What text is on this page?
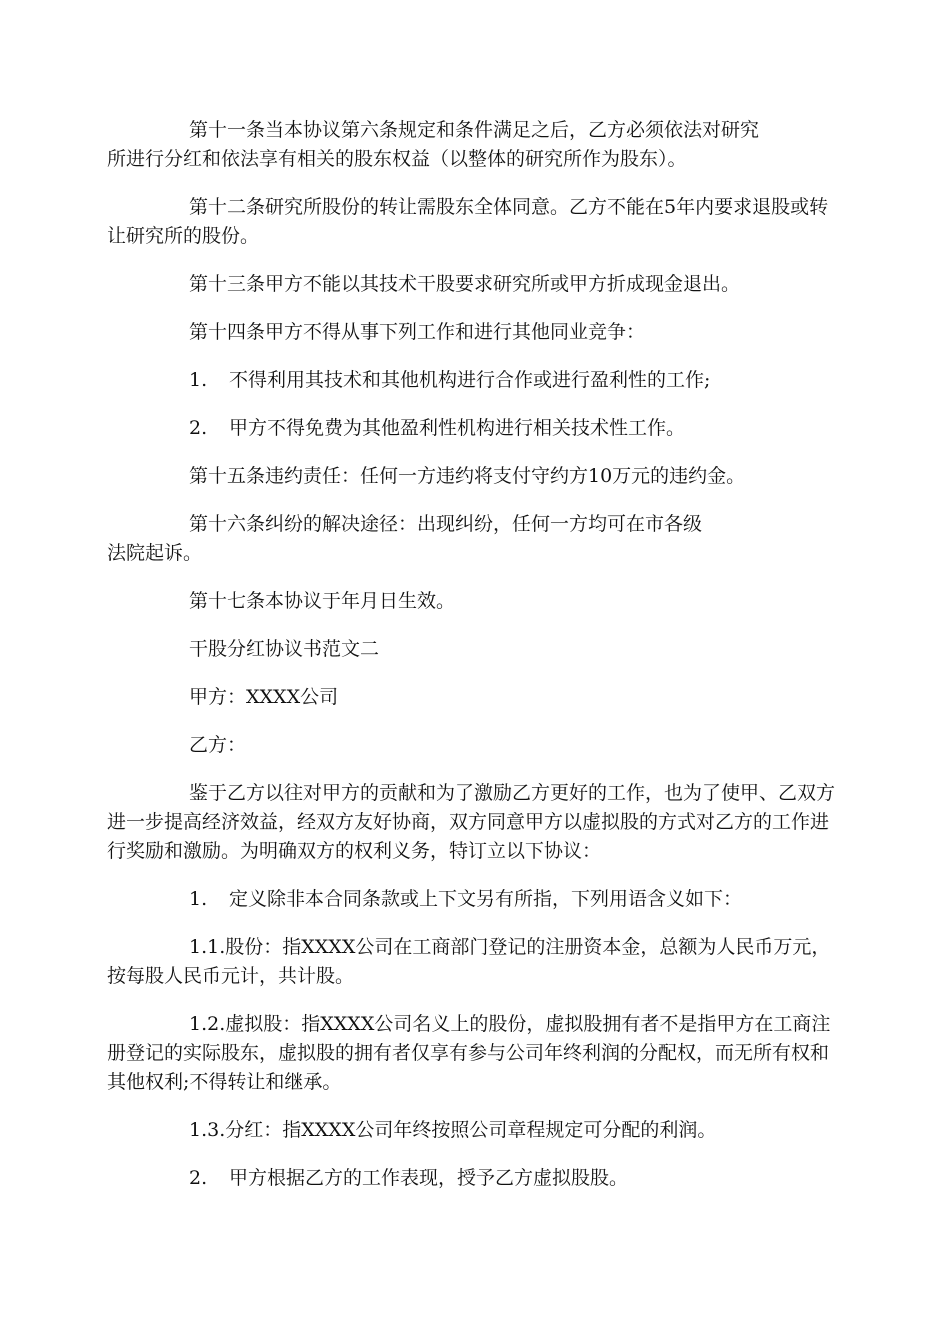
第十一条当本协议第六条规定和条件满足之后，乙方必须依法对研究所进行分红和依法享有相关的股东权益（以整体的研究所作为股东）。

第十二条研究所股份的转让需股东全体同意。乙方不能在5年内要求退股或转让研究所的股份。

第十三条甲方不能以其技术干股要求研究所或甲方折成现金退出。

第十四条甲方不得从事下列工作和进行其他同业竞争：

1. 不得利用其技术和其他机构进行合作或进行盈利性的工作;
2. 甲方不得免费为其他盈利性机构进行相关技术性工作。

第十五条违约责任：任何一方违约将支付守约方10万元的违约金。

第十六条纠纷的解决途径：出现纠纷，任何一方均可在市各级法院起诉。

第十七条本协议于年月日生效。

干股分红协议书范文二

甲方：XXXX公司

乙方：

鉴于乙方以往对甲方的贡献和为了激励乙方更好的工作，也为了使甲、乙双方进一步提高经济效益，经双方友好协商，双方同意甲方以虚拟股的方式对乙方的工作进行奖励和激励。为明确双方的权利义务，特订立以下协议：

1. 定义除非本合同条款或上下文另有所指，下列用语含义如下：

1.1.股份：指XXXX公司在工商部门登记的注册资本金，总额为人民币万元，按每股人民币元计，共计股。

1.2.虚拟股：指XXXX公司名义上的股份，虚拟股拥有者不是指甲方在工商注册登记的实际股东，虚拟股的拥有者仅享有参与公司年终利润的分配权，而无所有权和其他权利;不得转让和继承。

1.3.分红：指XXXX公司年终按照公司章程规定可分配的利润。

2. 甲方根据乙方的工作表现，授予乙方虚拟股股。
